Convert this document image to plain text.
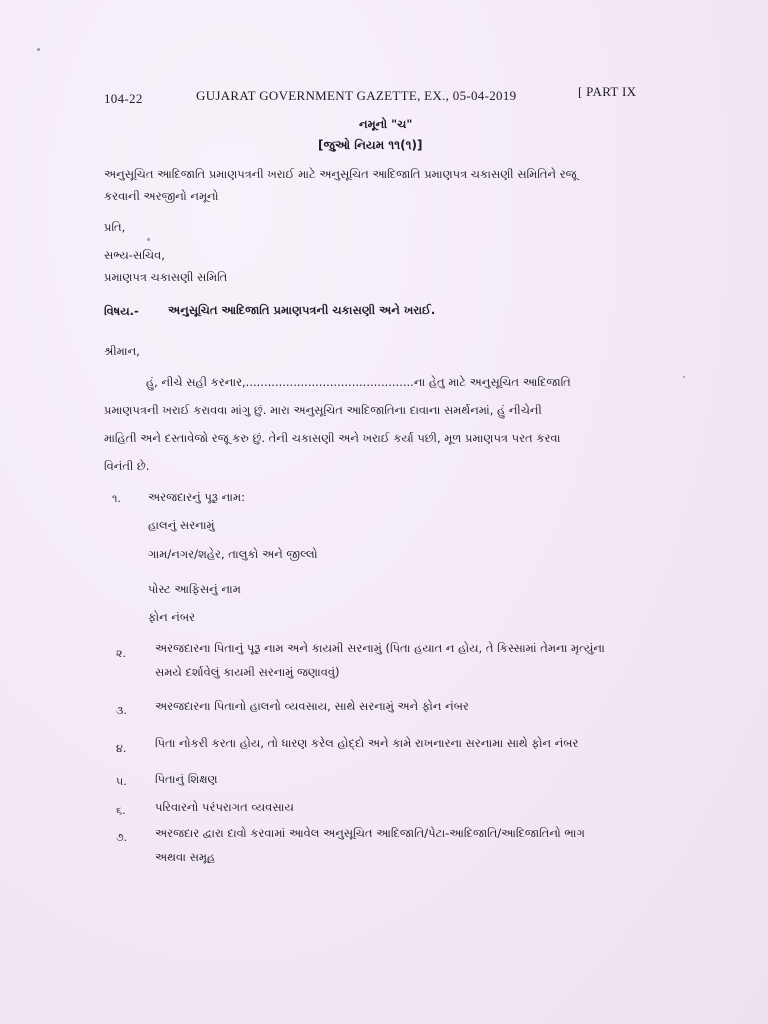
104-22	GUJARAT GOVERNMENT GAZETTE, EX., 05-04-2019	[ PART IX
નમૂનો "ચ"
[જુઓ નિયમ ૧૧(૧)]
અનુસૂચિત આદિજાતિ પ્રમાણપત્રની ખરાઈ માટે અનુસૂચિત આદિજાતિ પ્રમાણપત્ર ચકાસણી સમિતિને રજૂ
કરવાની અરજીનો નમૂનો
પ્રતિ,
સભ્ય-સચિવ,
પ્રમાણપત્ર ચકાસણી સમિતિ
વિષય.-	અનુસૂચિત આદિજાતિ પ્રમાણપત્રની ચકાસણી અને ખરાઈ.
શ્રીમાન,
હું, નીચે સહી કરનાર,..............................................ના હેતુ માટે અનુસૂચિત આદિજાતિ
પ્રમાણપત્રની ખરાઈ કરાવવા માંગુ છું. મારા અનુસૂચિત આદિજાતિના દાવાના સમર્થનમાં, હું નીચેની
માહિતી અને દસ્તાવેજો રજૂ કરુ છું. તેની ચકાસણી અને ખરાઈ કર્યા પછી, મૂળ પ્રમાણપત્ર પરત કરવા
વિનંતી છે.
૧. અરજદારનું પૂરૂ નામ:
હાલનું સરનામું
ગામ/નગર/શહેર, તાલુકો અને જીલ્લો
પોસ્ટ આફિસનું નામ
ફોન નંબર
૨.	અરજદારના પિતાનું પૂરૂ નામ અને કાયમી સરનામું (પિતા હયાત ન હોય, તે કિસ્સામાં તેમના મૃત્યુંના
સમયે દર્શાવેલું કાયમી સરનામું જણાવવું)
૩. અરજદારના પિતાનો હાલનો વ્યવસાય, સાથે સરનામું અને ફોન નંબર
૪. પિતા નોકરી કરતા હોય, તો ધારણ કરેલ હોદ્દો અને કામે રાખનારના સરનામા સાથે ફોન નંબર
૫. પિતાનું શિક્ષણ
૬.	પરિવારનો પરંપરાગત વ્યવસાય
૭. અરજદાર દ્વારા દાવો કરવામાં આવેલ અનુસૂચિત આદિજાતિ/પેટા-આદિજાતિ/આદિજાતિનો ભાગ
અથવા સમૂહ
